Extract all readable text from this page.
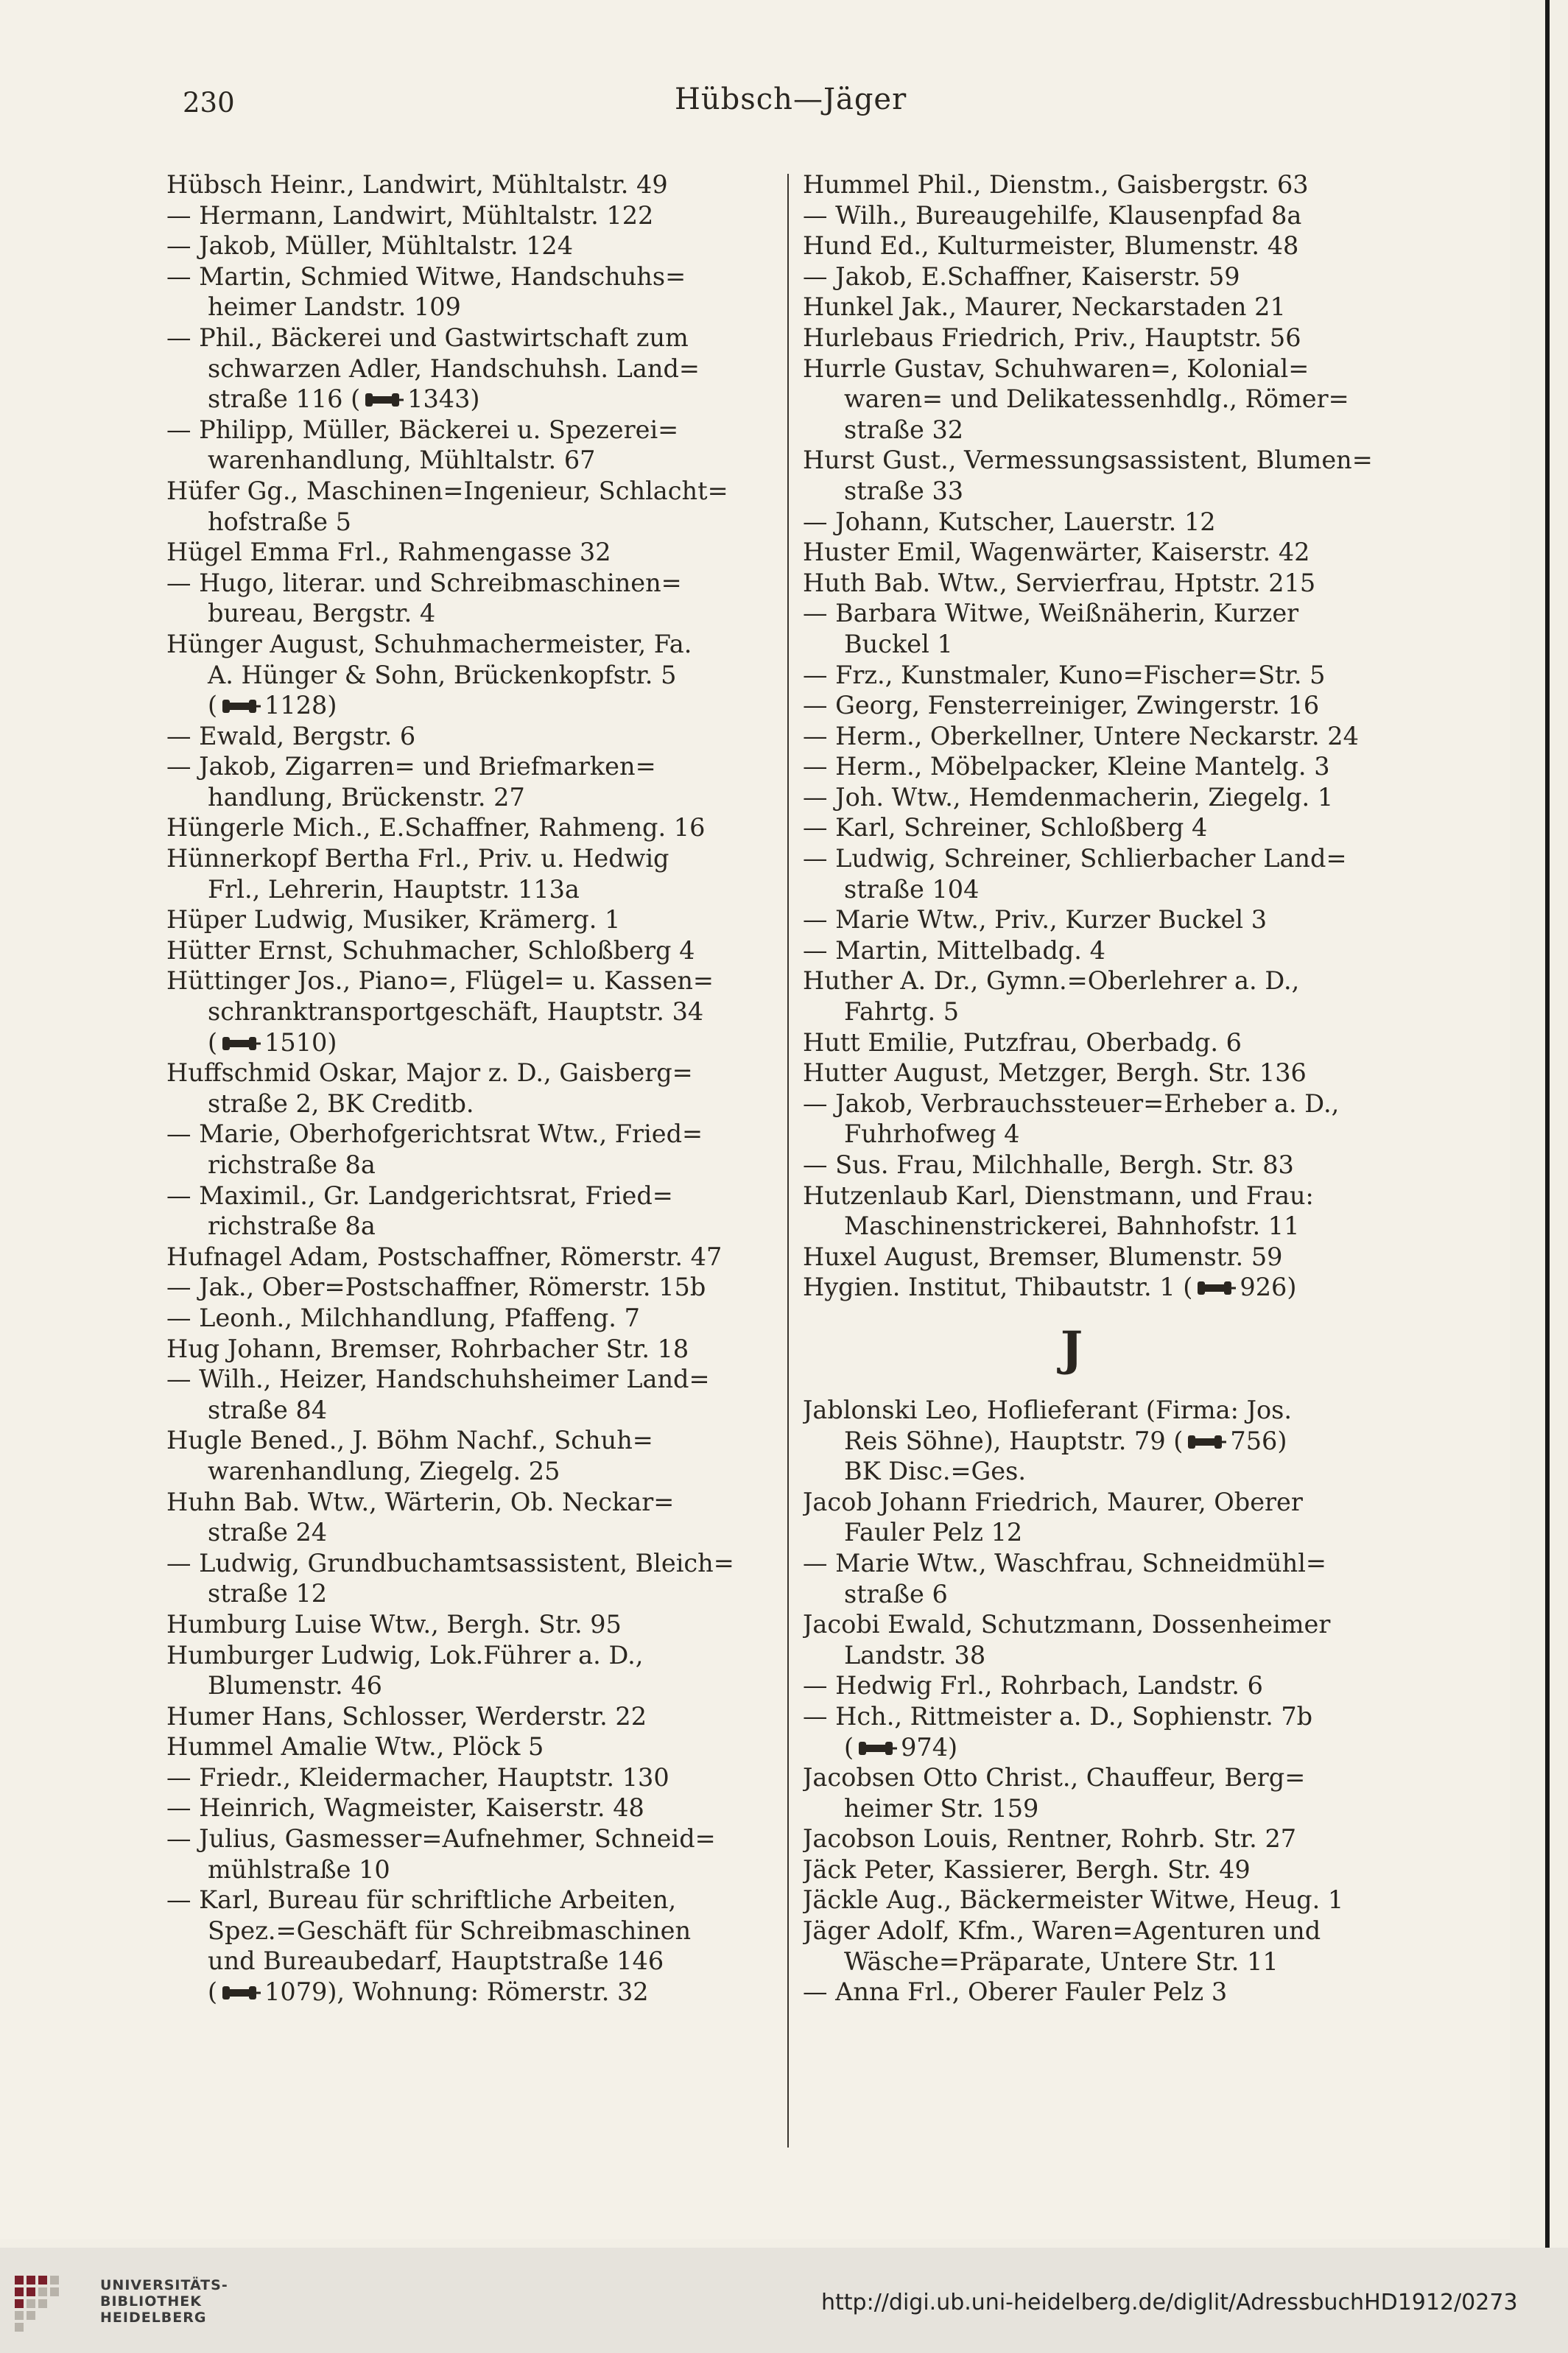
230	Hübsch—Jäger
Hübsch Heinr., Landwirt, Mühltalstr. 49
— Hermann, Landwirt, Mühltalstr. 122
— Jakob, Müller, Mühltalstr. 124
— Martin, Schmied Witwe, Handschuhs=
heimer Landstr. 109
— Phil., Bäckerei und Gastwirtschaft zum
schwarzen Adler, Handschuhsh. Land=
straße 116 ( 1343)
— Philipp, Müller, Bäckerei u. Spezerei=
warenhandlung, Mühltalstr. 67
Hüfer Gg., Maschinen=Ingenieur, Schlacht=
hofstraße 5
Hügel Emma Frl., Rahmengasse 32
— Hugo, literar. und Schreibmaschinen=
bureau, Bergstr. 4
Hünger August, Schuhmachermeister, Fa.
A. Hünger & Sohn, Brückenkopfstr. 5
( 1128)
— Ewald, Bergstr. 6
— Jakob, Zigarren= und Briefmarken=
handlung, Brückenstr. 27
Hüngerle Mich., E.Schaffner, Rahmeng. 16
Hünnerkopf Bertha Frl., Priv. u. Hedwig
Frl., Lehrerin, Hauptstr. 113a
Hüper Ludwig, Musiker, Krämerg. 1
Hütter Ernst, Schuhmacher, Schloßberg 4
Hüttinger Jos., Piano=, Flügel= u. Kassen=
schranktransportgeschäft, Hauptstr. 34
( 1510)
Huffschmid Oskar, Major z. D., Gaisberg=
straße 2, BK Creditb.
— Marie, Oberhofgerichtsrat Wtw., Fried=
richstraße 8a
— Maximil., Gr. Landgerichtsrat, Fried=
richstraße 8a
Hufnagel Adam, Postschaffner, Römerstr. 47
— Jak., Ober=Postschaffner, Römerstr. 15b
— Leonh., Milchhandlung, Pfaffeng. 7
Hug Johann, Bremser, Rohrbacher Str. 18
— Wilh., Heizer, Handschuhsheimer Land=
straße 84
Hugle Bened., J. Böhm Nachf., Schuh=
warenhandlung, Ziegelg. 25
Huhn Bab. Wtw., Wärterin, Ob. Neckar=
straße 24
— Ludwig, Grundbuchamtsassistent, Bleich=
straße 12
Humburg Luise Wtw., Bergh. Str. 95
Humburger Ludwig, Lok.Führer a. D.,
Blumenstr. 46
Humer Hans, Schlosser, Werderstr. 22
Hummel Amalie Wtw., Plöck 5
— Friedr., Kleidermacher, Hauptstr. 130
— Heinrich, Wagmeister, Kaiserstr. 48
— Julius, Gasmesser=Aufnehmer, Schneid=
mühlstraße 10
— Karl, Bureau für schriftliche Arbeiten,
Spez.=Geschäft für Schreibmaschinen
und Bureaubedarf, Hauptstraße 146
( 1079), Wohnung: Römerstr. 32
Hummel Phil., Dienstm., Gaisbergstr. 63
— Wilh., Bureaugehilfe, Klausenpfad 8a
Hund Ed., Kulturmeister, Blumenstr. 48
— Jakob, E.Schaffner, Kaiserstr. 59
Hunkel Jak., Maurer, Neckarstaden 21
Hurlebaus Friedrich, Priv., Hauptstr. 56
Hurrle Gustav, Schuhwaren=, Kolonial=
waren= und Delikatessenhdlg., Römer=
straße 32
Hurst Gust., Vermessungsassistent, Blumen=
straße 33
— Johann, Kutscher, Lauerstr. 12
Huster Emil, Wagenwärter, Kaiserstr. 42
Huth Bab. Wtw., Servierfrau, Hptstr. 215
— Barbara Witwe, Weißnäherin, Kurzer
Buckel 1
— Frz., Kunstmaler, Kuno=Fischer=Str. 5
— Georg, Fensterreiniger, Zwingerstr. 16
— Herm., Oberkellner, Untere Neckarstr. 24
— Herm., Möbelpacker, Kleine Mantelg. 3
— Joh. Wtw., Hemdenmacherin, Ziegelg. 1
— Karl, Schreiner, Schloßberg 4
— Ludwig, Schreiner, Schlierbacher Land=
straße 104
— Marie Wtw., Priv., Kurzer Buckel 3
— Martin, Mittelbadg. 4
Huther A. Dr., Gymn.=Oberlehrer a. D.,
Fahrtg. 5
Hutt Emilie, Putzfrau, Oberbadg. 6
Hutter August, Metzger, Bergh. Str. 136
— Jakob, Verbrauchssteuer=Erheber a. D.,
Fuhrhofweg 4
— Sus. Frau, Milchhalle, Bergh. Str. 83
Hutzenlaub Karl, Dienstmann, und Frau:
Maschinenstrickerei, Bahnhofstr. 11
Huxel August, Bremser, Blumenstr. 59
Hygien. Institut, Thibautstr. 1 ( 926)
J
Jablonski Leo, Hoflieferant (Firma: Jos.
Reis Söhne), Hauptstr. 79 ( 756)
BK Disc.=Ges.
Jacob Johann Friedrich, Maurer, Oberer
Fauler Pelz 12
— Marie Wtw., Waschfrau, Schneidmühl=
straße 6
Jacobi Ewald, Schutzmann, Dossenheimer
Landstr. 38
— Hedwig Frl., Rohrbach, Landstr. 6
— Hch., Rittmeister a. D., Sophienstr. 7b
( 974)
Jacobsen Otto Christ., Chauffeur, Berg=
heimer Str. 159
Jacobson Louis, Rentner, Rohrb. Str. 27
Jäck Peter, Kassierer, Bergh. Str. 49
Jäckle Aug., Bäckermeister Witwe, Heug. 1
Jäger Adolf, Kfm., Waren=Agenturen und
Wäsche=Präparate, Untere Str. 11
— Anna Frl., Oberer Fauler Pelz 3
UNIVERSITÄTS-
BIBLIOTHEK
HEIDELBERG
http://digi.ub.uni-heidelberg.de/diglit/AdressbuchHD1912/0273
